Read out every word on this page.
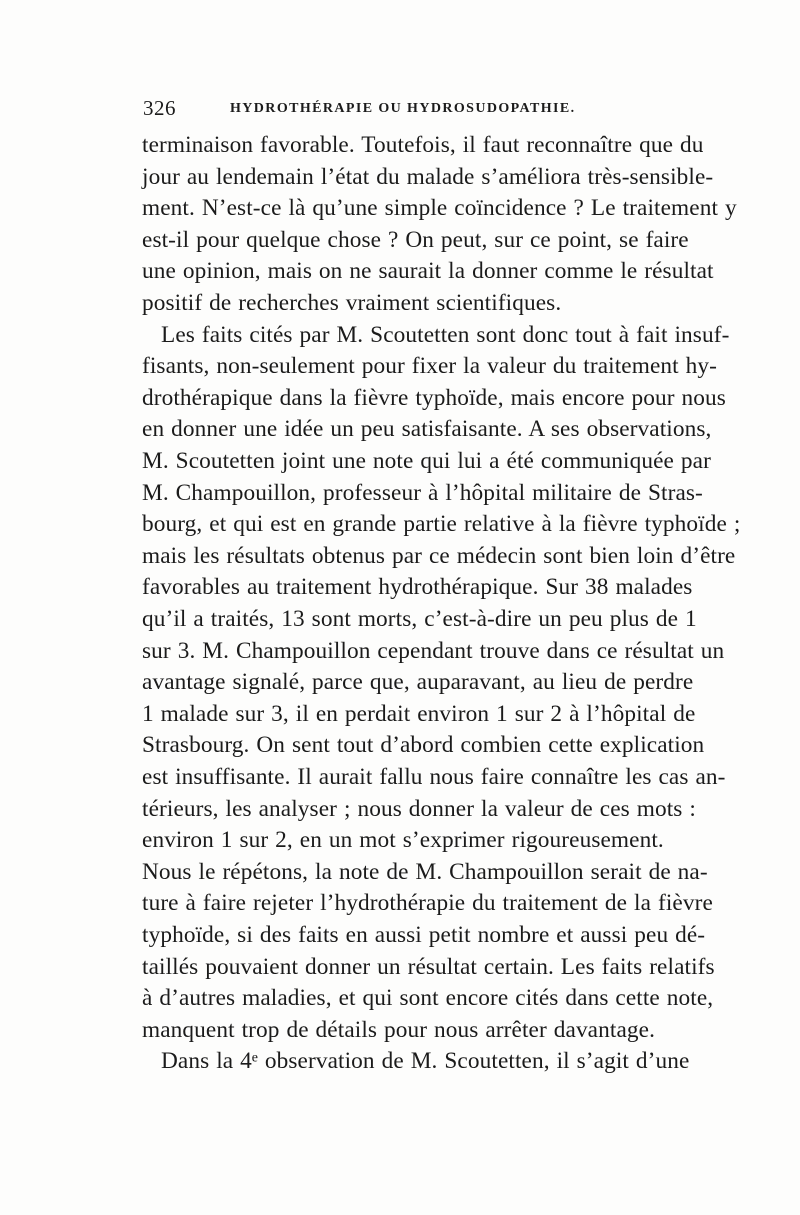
326	HYDROTHÉRAPIE OU HYDROSUDOPATHIE.
terminaison favorable. Toutefois, il faut reconnaître que du
jour au lendemain l’état du malade s’améliora très-sensible-
ment. N’est-ce là qu’une simple coïncidence ? Le traitement y
est-il pour quelque chose ? On peut, sur ce point, se faire
une opinion, mais on ne saurait la donner comme le résultat
positif de recherches vraiment scientifiques.
Les faits cités par M. Scoutetten sont donc tout à fait insuf-
fisants, non-seulement pour fixer la valeur du traitement hy-
drothérapique dans la fièvre typhoïde, mais encore pour nous
en donner une idée un peu satisfaisante. A ses observations,
M. Scoutetten joint une note qui lui a été communiquée par
M. Champouillon, professeur à l’hôpital militaire de Stras-
bourg, et qui est en grande partie relative à la fièvre typhoïde ;
mais les résultats obtenus par ce médecin sont bien loin d’être
favorables au traitement hydrothérapique. Sur 38 malades
qu’il a traités, 13 sont morts, c’est-à-dire un peu plus de 1
sur 3. M. Champouillon cependant trouve dans ce résultat un
avantage signalé, parce que, auparavant, au lieu de perdre
1 malade sur 3, il en perdait environ 1 sur 2 à l’hôpital de
Strasbourg. On sent tout d’abord combien cette explication
est insuffisante. Il aurait fallu nous faire connaître les cas an-
térieurs, les analyser ; nous donner la valeur de ces mots :
environ 1 sur 2, en un mot s’exprimer rigoureusement.
Nous le répétons, la note de M. Champouillon serait de na-
ture à faire rejeter l’hydrothérapie du traitement de la fièvre
typhoïde, si des faits en aussi petit nombre et aussi peu dé-
taillés pouvaient donner un résultat certain. Les faits relatifs
à d’autres maladies, et qui sont encore cités dans cette note,
manquent trop de détails pour nous arrêter davantage.
Dans la 4ᵉ observation de M. Scoutetten, il s’agit d’une
